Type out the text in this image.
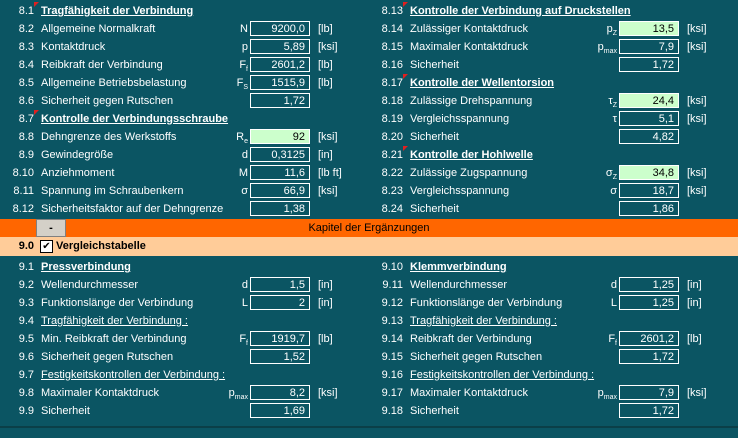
8.1 Tragfähigkeit der Verbindung
8.2 Allgemeine Normalkraft	N	9200,0	[lb]
8.3 Kontaktdruck	p	5,89	[ksi]
8.4 Reibkraft der Verbindung	$F_f$	2601,2	[lb]
8.5 Allgemeine Betriebsbelastung	$F_S$	1515,9	[lb]
8.6 Sicherheit gegen Rutschen	1,72
8.7 Kontrolle der Verbindungsschraube
8.8 Dehngrenze des Werkstoffs	$R_e$	92	[ksi]
8.9 Gewindegröße	d	0,3125	[in]
8.10 Anziehmoment	M	11,6	[lb ft]
8.11 Spannung im Schraubenkern	σ	66,9	[ksi]
8.12 Sicherheitsfaktor auf der Dehngrenze	1,38
8.13 Kontrolle der Verbindung auf Druckstellen
8.14 Zulässiger Kontaktdruck	$p_Z$	13,5	[ksi]
8.15 Maximaler Kontaktdruck	$p_{max}$	7,9	[ksi]
8.16 Sicherheit	1,72
8.17 Kontrolle der Wellentorsion
8.18 Zulässige Drehspannung	$\tau_Z$	24,4	[ksi]
8.19 Vergleichsspannung	τ	5,1	[ksi]
8.20 Sicherheit	4,82
8.21 Kontrolle der Hohlwelle
8.22 Zulässige Zugspannung	$\sigma_Z$	34,8	[ksi]
8.23 Vergleichsspannung	σ	18,7	[ksi]
8.24 Sicherheit	1,86
Kapitel der Ergänzungen
-
9.0 ✔ Vergleichstabelle
9.1 Pressverbindung
9.2 Wellendurchmesser	d	1,5	[in]
9.3 Funktionslänge der Verbindung	L	2	[in]
9.4 Tragfähigkeit der Verbindung :
9.5 Min. Reibkraft der Verbindung	$F_f$	1919,7	[lb]
9.6 Sicherheit gegen Rutschen	1,52
9.7 Festigkeitskontrollen der Verbindung :
9.8 Maximaler Kontaktdruck	$p_{max}$	8,2	[ksi]
9.9 Sicherheit	1,69
9.10 Klemmverbindung
9.11 Wellendurchmesser	d	1,25	[in]
9.12 Funktionslänge der Verbindung	L	1,25	[in]
9.13 Tragfähigkeit der Verbindung :
9.14 Reibkraft der Verbindung	$F_f$	2601,2	[lb]
9.15 Sicherheit gegen Rutschen	1,72
9.16 Festigkeitskontrollen der Verbindung :
9.17 Maximaler Kontaktdruck	$p_{max}$	7,9	[ksi]
9.18 Sicherheit	1,72
